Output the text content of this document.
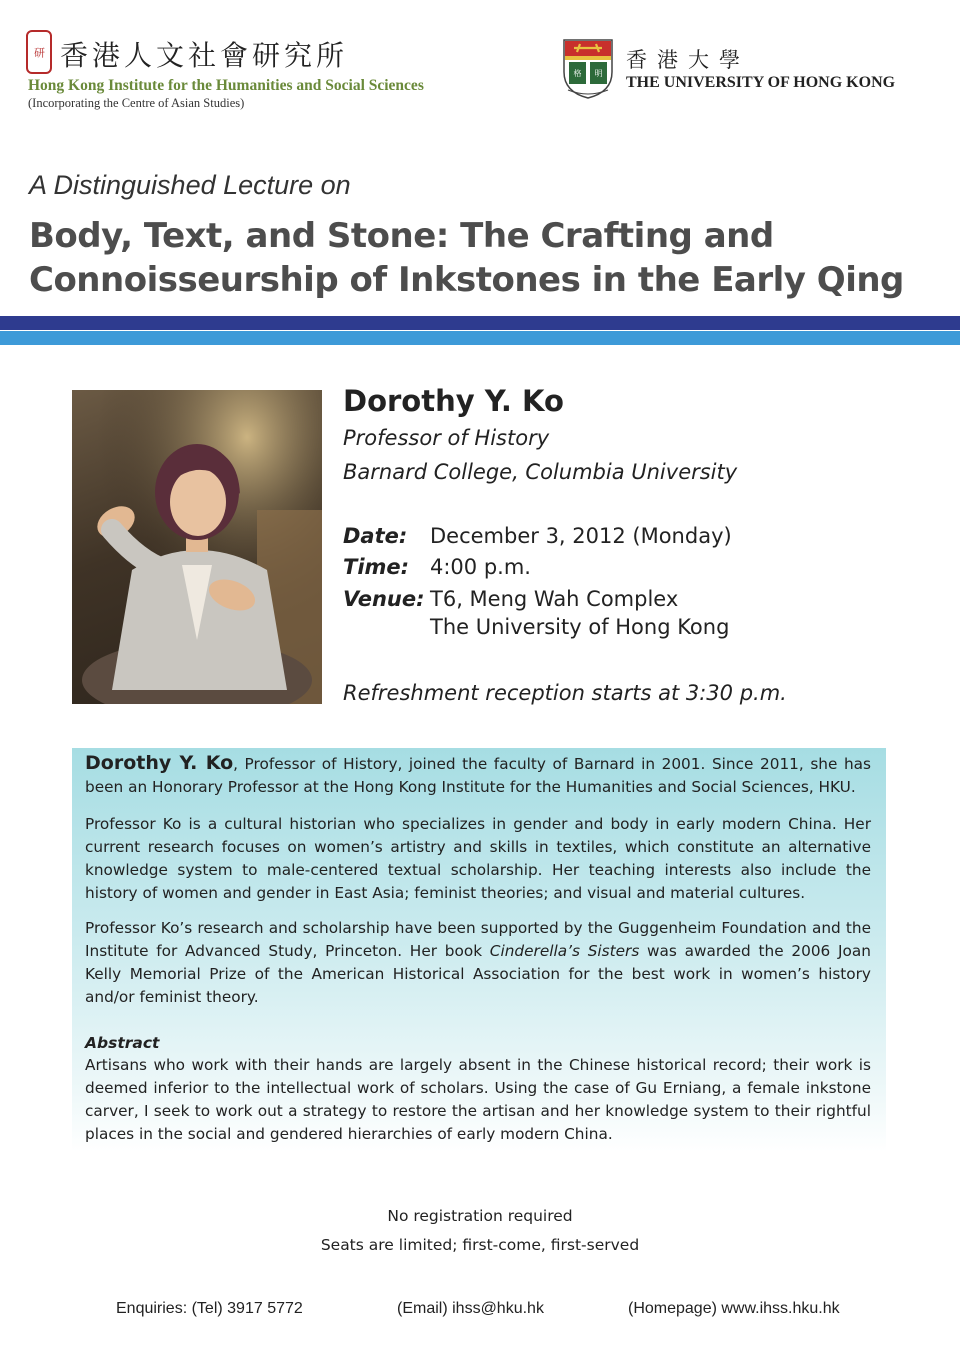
研 香港人文社會研究所
Hong Kong Institute for the Humanities and Social Sciences
(Incorporating the Centre of Asian Studies)
格 明
香港大學
THE UNIVERSITY OF HONG KONG
A Distinguished Lecture on
Body, Text, and Stone: The Crafting and
Connoisseurship of Inkstones in the Early Qing
Dorothy Y. Ko
Professor of History
Barnard College, Columbia University
Date: December 3, 2012 (Monday)
Time: 4:00 p.m.
Venue: T6, Meng Wah Complex
The University of Hong Kong
Refreshment reception starts at 3:30 p.m.

Dorothy Y. Ko, Professor of History, joined the faculty of Barnard in 2001. Since 2011, she has been an Honorary Professor at the Hong Kong Institute for the Humanities and Social Sciences, HKU.

Professor Ko is a cultural historian who specializes in gender and body in early modern China. Her current research focuses on women’s artistry and skills in textiles, which constitute an alternative knowledge system to male-centered textual scholarship. Her teaching interests also include the history of women and gender in East Asia; feminist theories; and visual and material cultures.

Professor Ko’s research and scholarship have been supported by the Guggenheim Foundation and the Institute for Advanced Study, Princeton. Her book Cinderella’s Sisters was awarded the 2006 Joan Kelly Memorial Prize of the American Historical Association for the best work in women’s history and/or feminist theory.

Abstract

Artisans who work with their hands are largely absent in the Chinese historical record; their work is deemed inferior to the intellectual work of scholars. Using the case of Gu Erniang, a female inkstone carver, I seek to work out a strategy to restore the artisan and her knowledge system to their rightful places in the social and gendered hierarchies of early modern China.

No registration required
Seats are limited; first-come, first-served
Enquiries: (Tel) 3917 5772	(Email) ihss@hku.hk	(Homepage) www.ihss.hku.hk
